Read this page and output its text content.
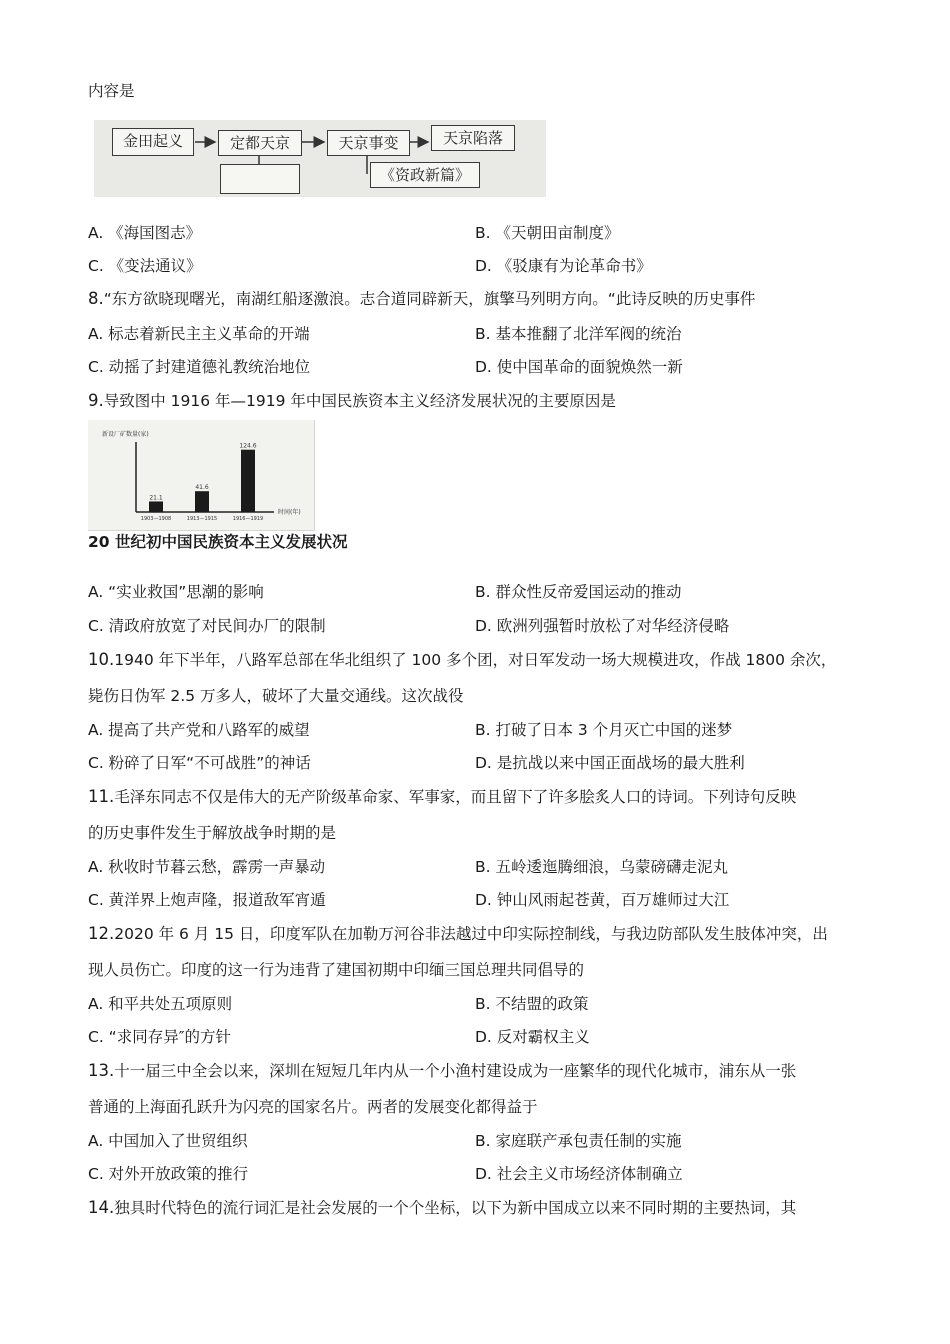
内容是
金田起义	定都天京	天京事变	天京陷落
《资政新篇》
A. 《海国图志》	B. 《天朝田亩制度》
C. 《变法通议》	D. 《驳康有为论革命书》
8.“东方欲晓现曙光，南湖红船逐激浪。志合道同辟新天，旗擎马列明方向。“此诗反映的历史事件
A. 标志着新民主主义革命的开端	B. 基本推翻了北洋军阀的统治
C. 动摇了封建道德礼教统治地位	D. 使中国革命的面貌焕然一新
9.导致图中 1916 年—1919 年中国民族资本主义经济发展状况的主要原因是
新设厂矿数量(家)
时间(年)
21.1
1903—1908
41.6
1913—1915
124.6
1916—1919
20 世纪初中国民族资本主义发展状况
A. “实业救国”思潮的影响	B. 群众性反帝爱国运动的推动
C. 清政府放宽了对民间办厂的限制	D. 欧洲列强暂时放松了对华经济侵略
10.1940 年下半年，八路军总部在华北组织了 100 多个团，对日军发动一场大规模进攻，作战 1800 余次，
毙伤日伪军 2.5 万多人，破坏了大量交通线。这次战役
A. 提高了共产党和八路军的威望	B. 打破了日本 3 个月灭亡中国的迷梦
C. 粉碎了日军“不可战胜”的神话	D. 是抗战以来中国正面战场的最大胜利
11.毛泽东同志不仅是伟大的无产阶级革命家、军事家，而且留下了许多脍炙人口的诗词。下列诗句反映
的历史事件发生于解放战争时期的是
A. 秋收时节暮云愁，霹雳一声暴动	B. 五岭逶迤腾细浪，乌蒙磅礴走泥丸
C. 黄洋界上炮声隆，报道敌军宵遁	D. 钟山风雨起苍黄，百万雄师过大江
12.2020 年 6 月 15 日，印度军队在加勒万河谷非法越过中印实际控制线，与我边防部队发生肢体冲突，出
现人员伤亡。印度的这一行为违背了建国初期中印缅三国总理共同倡导的
A. 和平共处五项原则	B. 不结盟的政策
C. “求同存异″的方针	D. 反对霸权主义
13.十一届三中全会以来，深圳在短短几年内从一个小渔村建设成为一座繁华的现代化城市，浦东从一张
普通的上海面孔跃升为闪亮的国家名片。两者的发展变化都得益于
A. 中国加入了世贸组织	B. 家庭联产承包责任制的实施
C. 对外开放政策的推行	D. 社会主义市场经济体制确立
14.独具时代特色的流行词汇是社会发展的一个个坐标，以下为新中国成立以来不同时期的主要热词，其
